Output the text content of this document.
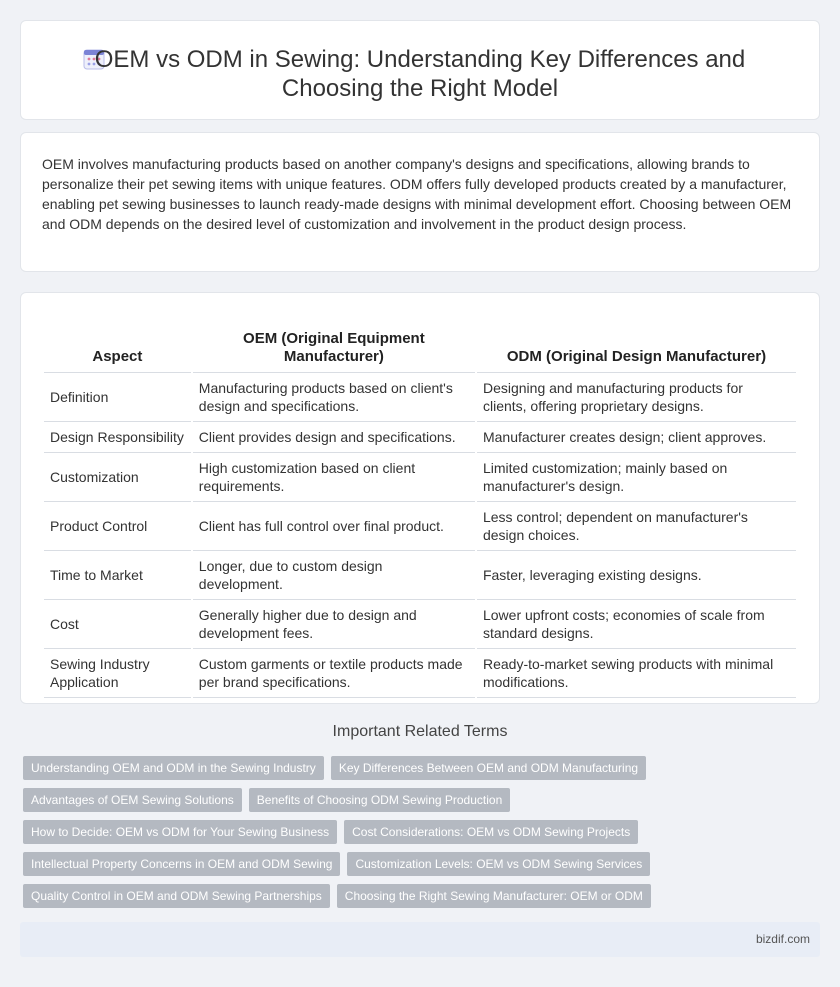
OEM vs ODM in Sewing: Understanding Key Differences and
Choosing the Right Model

OEM involves manufacturing products based on another company's designs and specifications, allowing brands to personalize their pet sewing items with unique features. ODM offers fully developed products created by a manufacturer, enabling pet sewing businesses to launch ready-made designs with minimal development effort. Choosing between OEM and ODM depends on the desired level of customization and involvement in the product design process.

Aspect	OEM (Original Equipment Manufacturer)	ODM (Original Design Manufacturer)
Definition	Manufacturing products based on client's design and specifications.	Designing and manufacturing products for clients, offering proprietary designs.
Design Responsibility	Client provides design and specifications.	Manufacturer creates design; client approves.
Customization	High customization based on client requirements.	Limited customization; mainly based on manufacturer's design.
Product Control	Client has full control over final product.	Less control; dependent on manufacturer's design choices.
Time to Market	Longer, due to custom design development.	Faster, leveraging existing designs.
Cost	Generally higher due to design and development fees.	Lower upfront costs; economies of scale from standard designs.
Sewing Industry Application	Custom garments or textile products made per brand specifications.	Ready-to-market sewing products with minimal modifications.
Important Related Terms
Understanding OEM and ODM in the Sewing Industry	Key Differences Between OEM and ODM Manufacturing
Advantages of OEM Sewing Solutions	Benefits of Choosing ODM Sewing Production
How to Decide: OEM vs ODM for Your Sewing Business	Cost Considerations: OEM vs ODM Sewing Projects
Intellectual Property Concerns in OEM and ODM Sewing	Customization Levels: OEM vs ODM Sewing Services
Quality Control in OEM and ODM Sewing Partnerships	Choosing the Right Sewing Manufacturer: OEM or ODM
bizdif.com
